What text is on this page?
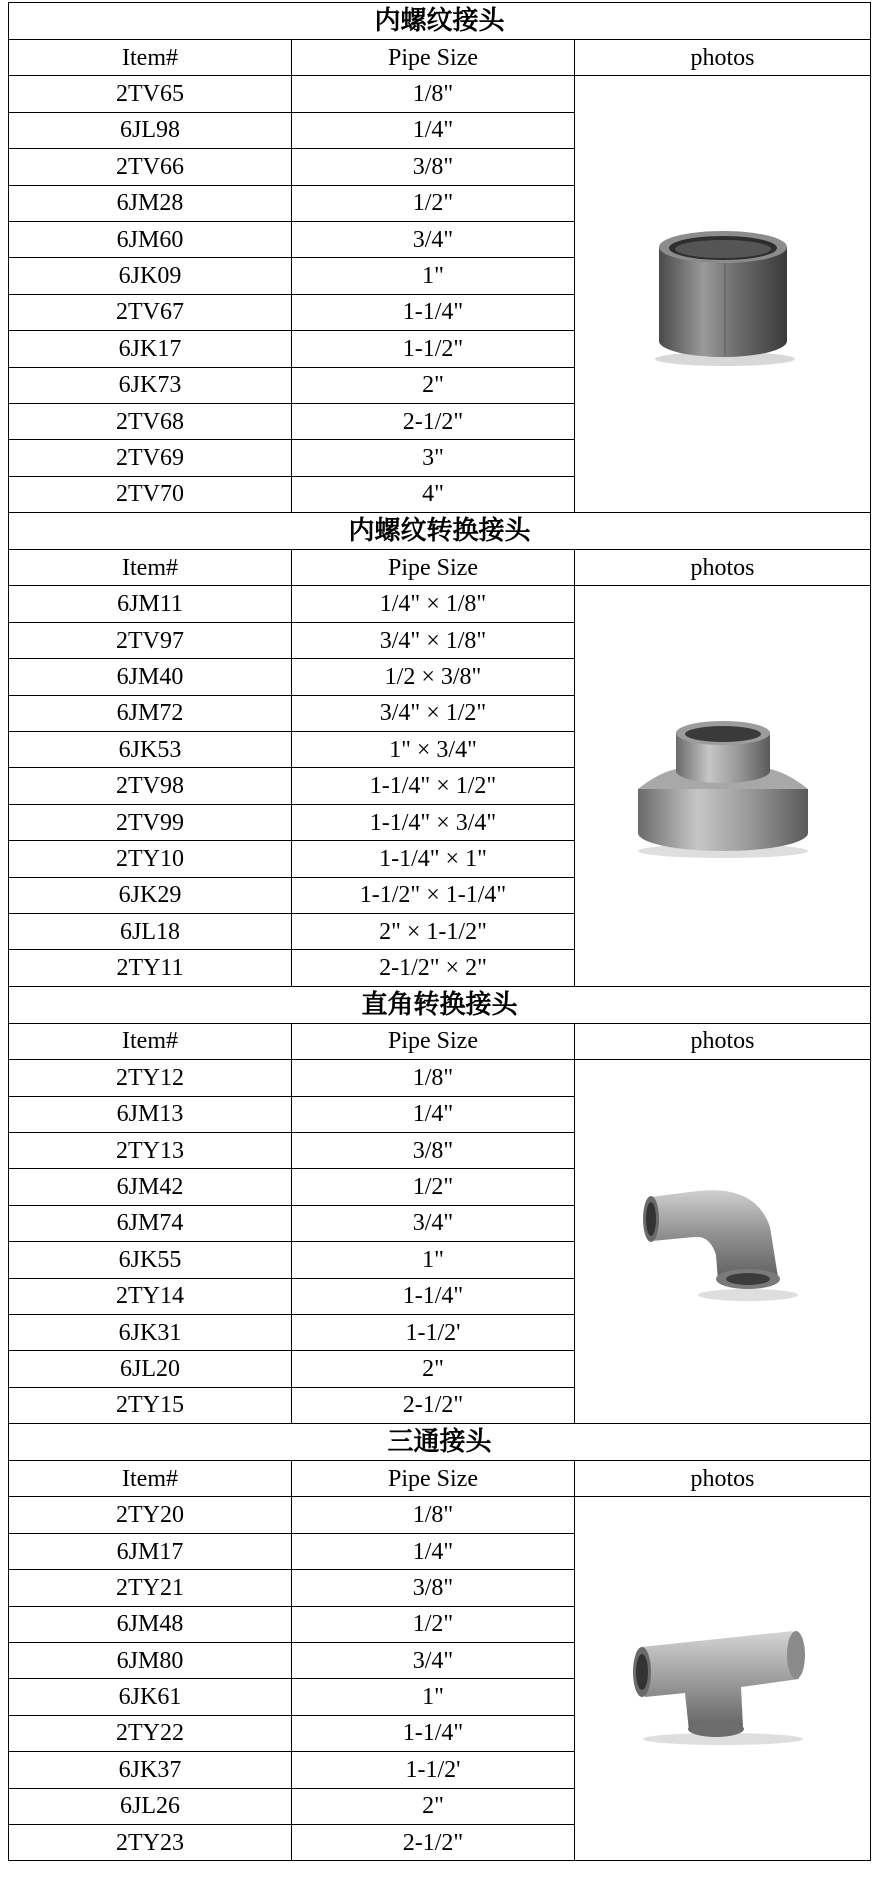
内螺纹接头		
Item#	Pipe Size	photos
2TV65	1/8"	

6JL98	1/4"	
2TV66	3/8"	
6JM28	1/2"	
6JM60	3/4"	
6JK09	1"	
2TV67	1-1/4"	
6JK17	1-1/2"	
6JK73	2"	
2TV68	2-1/2"	
2TV69	3"	
2TV70	4"	
内螺纹转换接头		
Item#	Pipe Size	photos
6JM11	1/4" × 1/8"	

2TV97	3/4" × 1/8"	
6JM40	1/2 × 3/8"	
6JM72	3/4" × 1/2"	
6JK53	1" × 3/4"	
2TV98	1-1/4" × 1/2"	
2TV99	1-1/4" × 3/4"	
2TY10	1-1/4" × 1"	
6JK29	1-1/2" × 1-1/4"	
6JL18	2" × 1-1/2"	
2TY11	2-1/2" × 2"	
直角转换接头		
Item#	Pipe Size	photos
2TY12	1/8"	

6JM13	1/4"	
2TY13	3/8"	
6JM42	1/2"	
6JM74	3/4"	
6JK55	1"	
2TY14	1-1/4"	
6JK31	1-1/2'	
6JL20	2"	
2TY15	2-1/2"	
三通接头		
Item#	Pipe Size	photos
2TY20	1/8"	

6JM17	1/4"	
2TY21	3/8"	
6JM48	1/2"	
6JM80	3/4"	
6JK61	1"	
2TY22	1-1/4"	
6JK37	1-1/2'	
6JL26	2"	
2TY23	2-1/2"	
